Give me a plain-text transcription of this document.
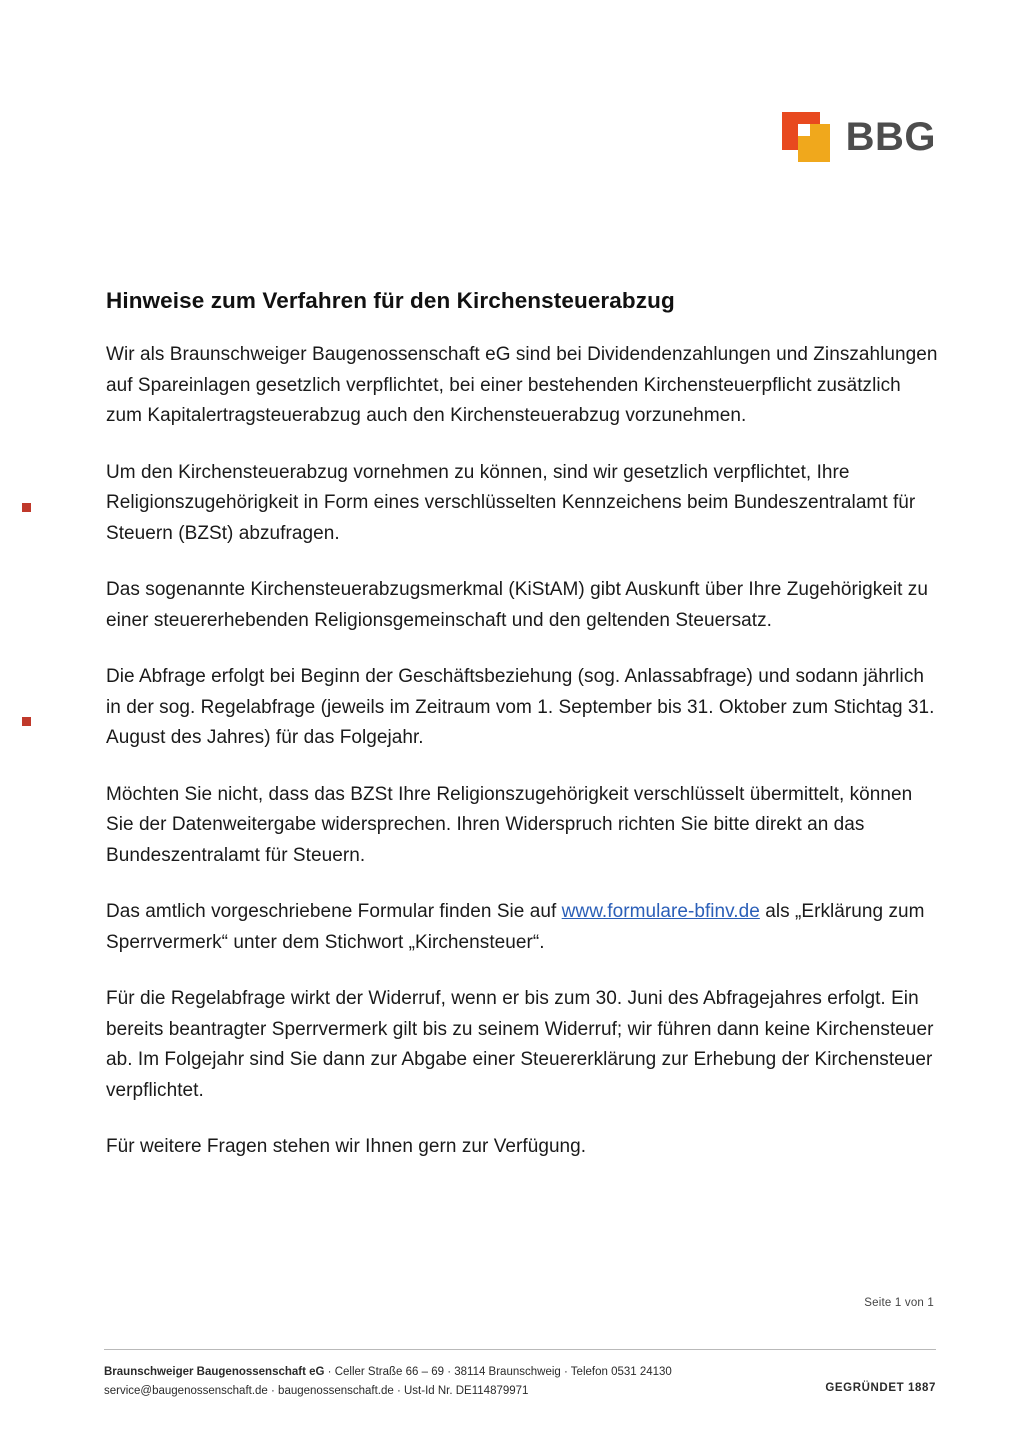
BBG
Hinweise zum Verfahren für den Kirchensteuerabzug

Wir als Braunschweiger Baugenossenschaft eG sind bei Dividendenzahlungen und Zinszahlungen auf Spareinlagen gesetzlich verpflichtet, bei einer bestehenden Kirchensteuerpflicht zusätzlich zum Kapitalertragsteuerabzug auch den Kirchensteuerabzug vorzunehmen.

Um den Kirchensteuerabzug vornehmen zu können, sind wir gesetzlich verpflichtet, Ihre Religionszugehörigkeit in Form eines verschlüsselten Kennzeichens beim Bundeszentralamt für Steuern (BZSt) abzufragen.

Das sogenannte Kirchensteuerabzugsmerkmal (KiStAM) gibt Auskunft über Ihre Zugehörigkeit zu einer steuererhebenden Religionsgemeinschaft und den geltenden Steuersatz.

Die Abfrage erfolgt bei Beginn der Geschäftsbeziehung (sog. Anlassabfrage) und sodann jährlich in der sog. Regelabfrage (jeweils im Zeitraum vom 1. September bis 31. Oktober zum Stichtag 31. August des Jahres) für das Folgejahr.

Möchten Sie nicht, dass das BZSt Ihre Religionszugehörigkeit verschlüsselt übermittelt, können Sie der Datenweitergabe widersprechen. Ihren Widerspruch richten Sie bitte direkt an das Bundeszentralamt für Steuern.

Das amtlich vorgeschriebene Formular finden Sie auf www.formulare-bfinv.de als „Erklärung zum Sperrvermerk“ unter dem Stichwort „Kirchensteuer“.

Für die Regelabfrage wirkt der Widerruf, wenn er bis zum 30. Juni des Abfragejahres erfolgt. Ein bereits beantragter Sperrvermerk gilt bis zu seinem Widerruf; wir führen dann keine Kirchensteuer ab. Im Folgejahr sind Sie dann zur Abgabe einer Steuererklärung zur Erhebung der Kirchensteuer verpflichtet.

Für weitere Fragen stehen wir Ihnen gern zur Verfügung.

Seite 1 von 1
Braunschweiger Baugenossenschaft eG · Celler Straße 66 – 69 · 38114 Braunschweig · Telefon 0531 24130
service@baugenossenschaft.de · baugenossenschaft.de · Ust-Id Nr. DE114879971	GEGRÜNDET 1887
